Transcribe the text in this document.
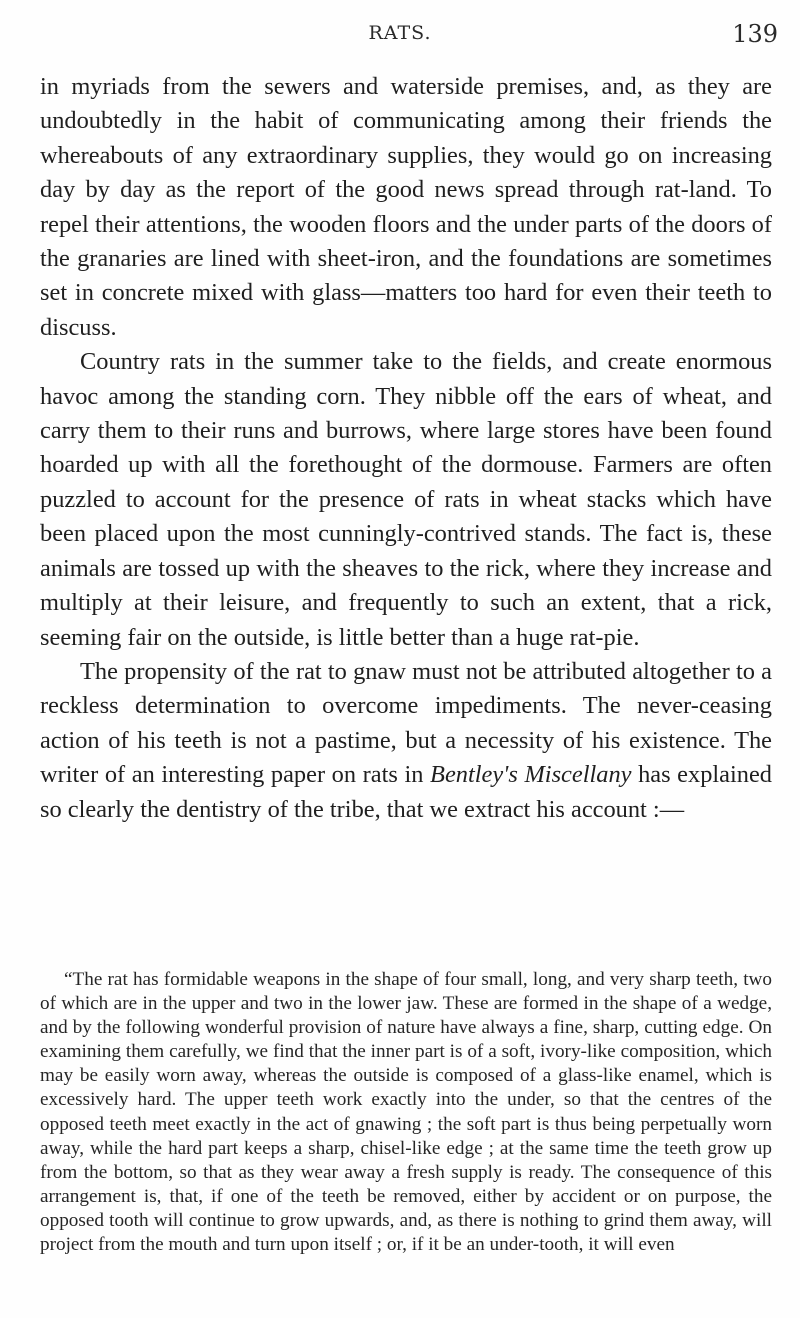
RATS.	139

in myriads from the sewers and waterside premises, and, as they are undoubtedly in the habit of communicating among their friends the whereabouts of any extraordinary supplies, they would go on increasing day by day as the report of the good news spread through rat-land. To repel their attentions, the wooden floors and the under parts of the doors of the granaries are lined with sheet-iron, and the foundations are sometimes set in concrete mixed with glass—matters too hard for even their teeth to discuss.

Country rats in the summer take to the fields, and create enormous havoc among the standing corn. They nibble off the ears of wheat, and carry them to their runs and burrows, where large stores have been found hoarded up with all the forethought of the dormouse. Farmers are often puzzled to account for the presence of rats in wheat stacks which have been placed upon the most cunningly-contrived stands. The fact is, these animals are tossed up with the sheaves to the rick, where they increase and multiply at their leisure, and frequently to such an extent, that a rick, seeming fair on the outside, is little better than a huge rat-pie.

The propensity of the rat to gnaw must not be attributed altogether to a reckless determination to overcome impediments. The never-ceasing action of his teeth is not a pastime, but a necessity of his existence. The writer of an interesting paper on rats in Bentley's Miscellany has explained so clearly the dentistry of the tribe, that we extract his account :—

“The rat has formidable weapons in the shape of four small, long, and very sharp teeth, two of which are in the upper and two in the lower jaw. These are formed in the shape of a wedge, and by the following wonderful provision of nature have always a fine, sharp, cutting edge. On examining them carefully, we find that the inner part is of a soft, ivory-like composition, which may be easily worn away, whereas the outside is composed of a glass-like enamel, which is excessively hard. The upper teeth work exactly into the under, so that the centres of the opposed teeth meet exactly in the act of gnawing ; the soft part is thus being perpetually worn away, while the hard part keeps a sharp, chisel-like edge ; at the same time the teeth grow up from the bottom, so that as they wear away a fresh supply is ready. The consequence of this arrangement is, that, if one of the teeth be removed, either by accident or on purpose, the opposed tooth will continue to grow upwards, and, as there is nothing to grind them away, will project from the mouth and turn upon itself ; or, if it be an under-tooth, it will even
